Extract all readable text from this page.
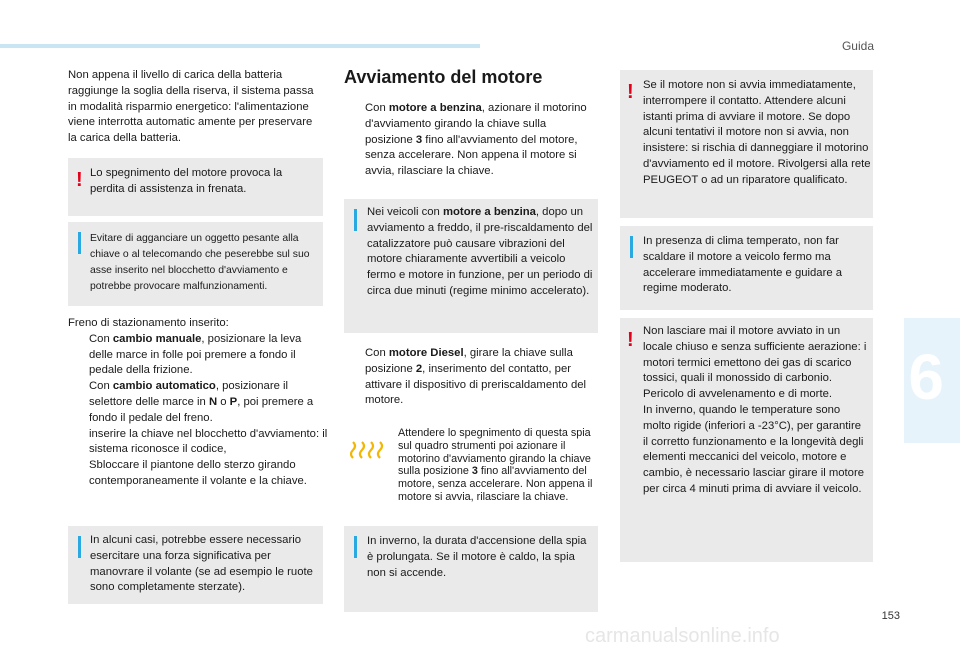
Guida
6
153
carmanualsonline.info

Non appena il livello di carica della batteria raggiunge la soglia della riserva, il sistema passa in modalità risparmio energetico: l'alimentazione viene interrotta automatic amente per preservare la carica della batteria.

! Lo spegnimento del motore provoca la perdita di assistenza in frenata.
Evitare di agganciare un oggetto pesante alla chiave o al telecomando che peserebbe sul suo asse inserito nel blocchetto d'avviamento e potrebbe provocare malfunzionamenti.

Freno di stazionamento inserito:

Con cambio manuale, posizionare la leva delle marce in folle poi premere a fondo il pedale della frizione.
Con cambio automatico, posizionare il selettore delle marce in N o P, poi premere a fondo il pedale del freno.
inserire la chiave nel blocchetto d'avviamento: il sistema riconosce il codice,
Sbloccare il piantone dello sterzo girando contemporaneamente il volante e la chiave.
In alcuni casi, potrebbe essere necessario esercitare una forza significativa per manovrare il volante (se ad esempio le ruote sono completamente sterzate).
Avviamento del motore
Con motore a benzina, azionare il motorino d'avviamento girando la chiave sulla posizione 3 fino all'avviamento del motore, senza accelerare. Non appena il motore si avvia, rilasciare la chiave.
Nei veicoli con motore a benzina, dopo un avviamento a freddo, il pre-riscaldamento del catalizzatore può causare vibrazioni del motore chiaramente avvertibili a veicolo fermo e motore in funzione, per un periodo di circa due minuti (regime minimo accelerato).
Con motore Diesel, girare la chiave sulla posizione 2, inserimento del contatto, per attivare il dispositivo di preriscaldamento del motore.

Attendere lo spegnimento di questa spia sul quadro strumenti poi azionare il motorino d'avviamento girando la chiave sulla posizione 3 fino all'avviamento del motore, senza accelerare. Non appena il motore si avvia, rilasciare la chiave.

In inverno, la durata d'accensione della spia è prolungata. Se il motore è caldo, la spia non si accende.
! Se il motore non si avvia immediatamente, interrompere il contatto. Attendere alcuni istanti prima di avviare il motore. Se dopo alcuni tentativi il motore non si avvia, non insistere: si rischia di danneggiare il motorino d'avviamento ed il motore. Rivolgersi alla rete PEUGEOT o ad un riparatore qualificato.
In presenza di clima temperato, non far scaldare il motore a veicolo fermo ma accelerare immediatamente e guidare a regime moderato.
! Non lasciare mai il motore avviato in un locale chiuso e senza sufficiente aerazione: i motori termici emettono dei gas di scarico tossici, quali il monossido di carbonio. Pericolo di avvelenamento e di morte.
In inverno, quando le temperature sono molto rigide (inferiori a -23°C), per garantire il corretto funzionamento e la longevità degli elementi meccanici del veicolo, motore e cambio, è necessario lasciar girare il motore per circa 4 minuti prima di avviare il veicolo.
